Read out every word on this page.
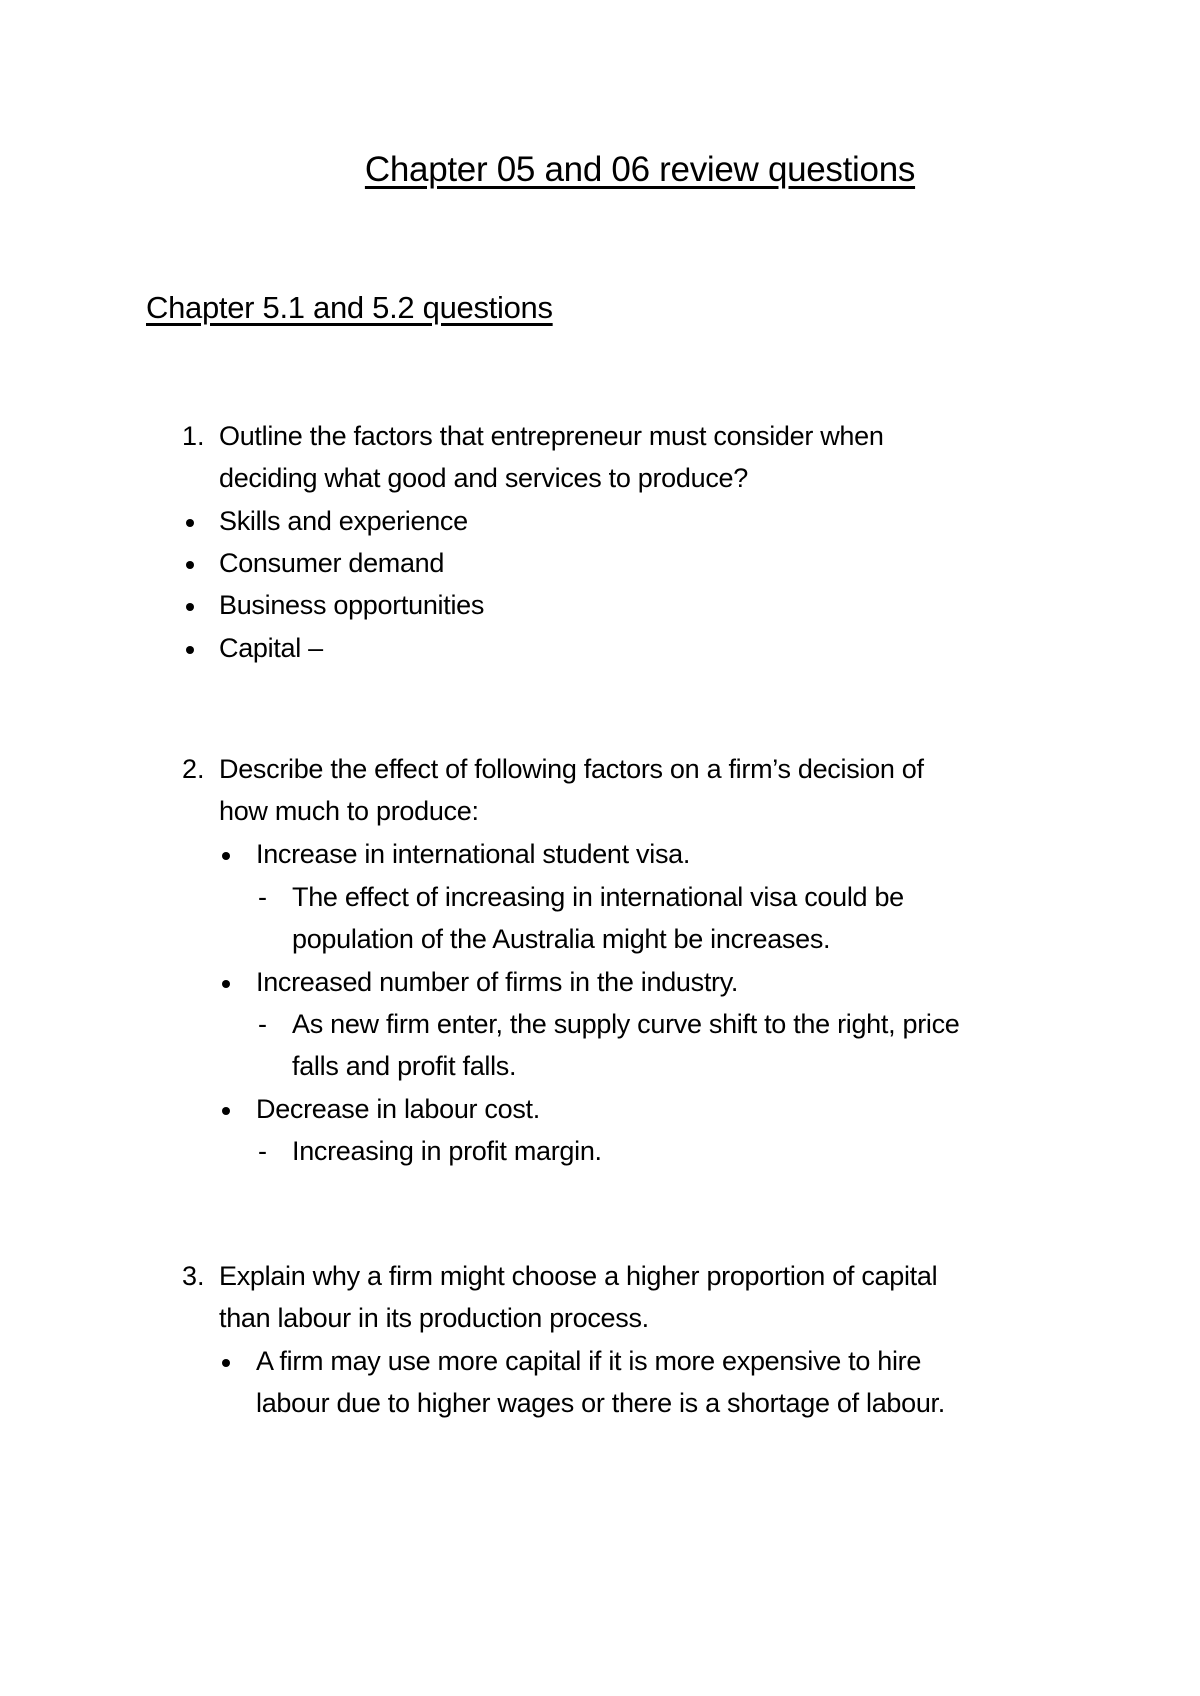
Chapter 05 and 06 review questions
Chapter 5.1 and 5.2 questions
1. Outline the factors that entrepreneur must consider when
deciding what good and services to produce?
Skills and experience
Consumer demand
Business opportunities
Capital –
2. Describe the effect of following factors on a firm’s decision of
how much to produce:
Increase in international student visa.
- The effect of increasing in international visa could be
population of the Australia might be increases.
Increased number of firms in the industry.
- As new firm enter, the supply curve shift to the right, price
falls and profit falls.
Decrease in labour cost.
- Increasing in profit margin.
3. Explain why a firm might choose a higher proportion of capital
than labour in its production process.
A firm may use more capital if it is more expensive to hire
labour due to higher wages or there is a shortage of labour.
